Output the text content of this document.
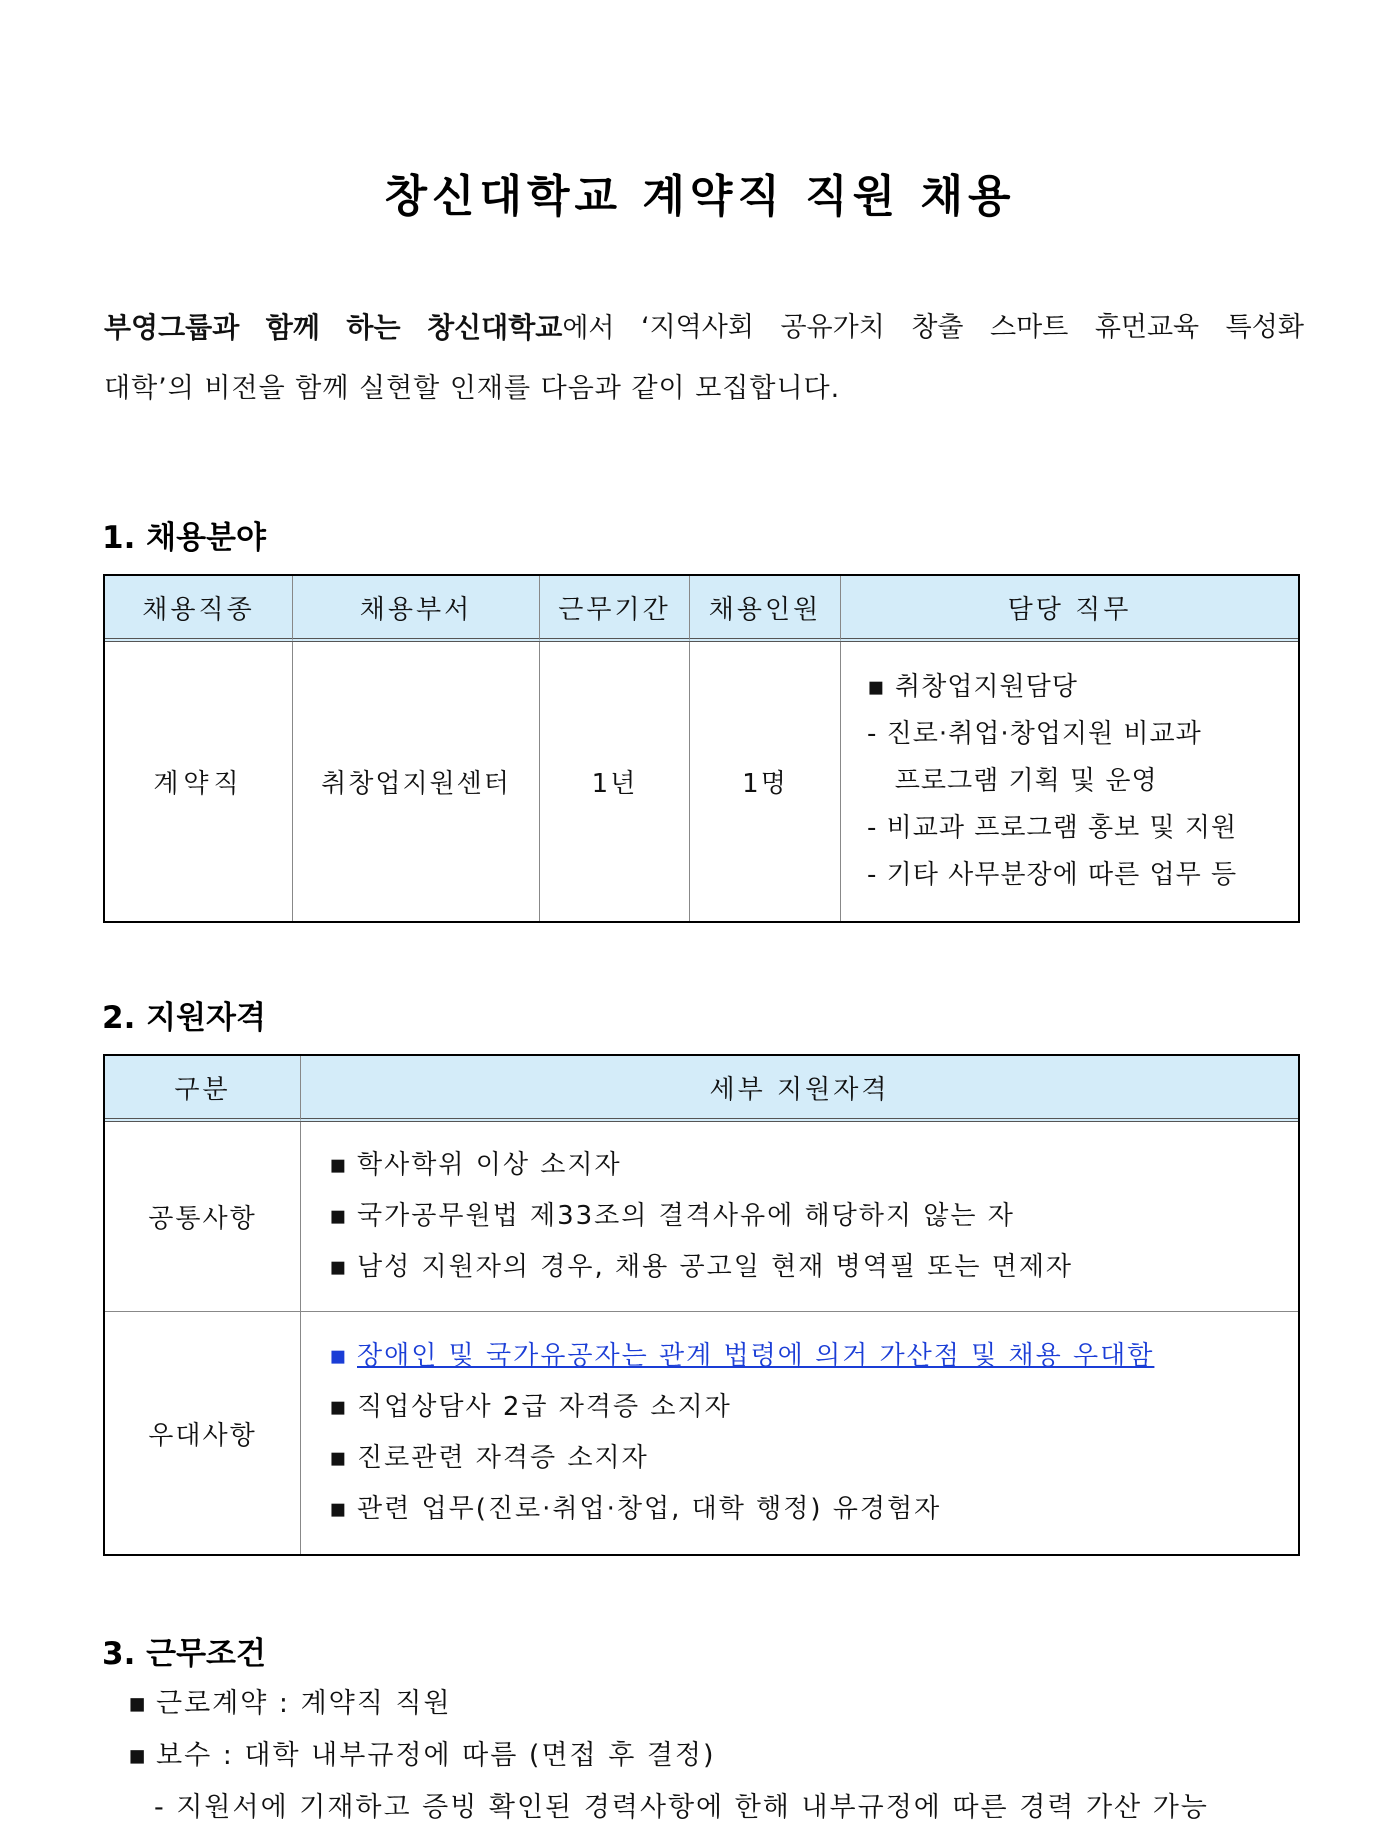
창신대학교 계약직 직원 채용
부영그룹과 함께 하는 창신대학교에서 ‘지역사회 공유가치 창출 스마트 휴먼교육 특성화
대학’의 비전을 함께 실현할 인재를 다음과 같이 모집합니다.
1. 채용분야
채용직종	채용부서	근무기간	채용인원	담당 직무
계약직	취창업지원센터	1년	1명	▪ 취창업지원담당
- 진로·취업·창업지원 비교과
프로그램 기획 및 운영
- 비교과 프로그램 홍보 및 지원
- 기타 사무분장에 따른 업무 등
2. 지원자격
구분	세부 지원자격
공통사항	▪ 학사학위 이상 소지자
▪ 국가공무원법 제33조의 결격사유에 해당하지 않는 자
▪ 남성 지원자의 경우, 채용 공고일 현재 병역필 또는 면제자

우대사항	▪ 장애인 및 국가유공자는 관계 법령에 의거 가산점 및 채용 우대함
▪ 직업상담사 2급 자격증 소지자
▪ 진로관련 자격증 소지자
▪ 관련 업무(진로·취업·창업, 대학 행정) 유경험자
3. 근무조건
▪ 근로계약 : 계약직 직원
▪ 보수 : 대학 내부규정에 따름 (면접 후 결정)
- 지원서에 기재하고 증빙 확인된 경력사항에 한해 내부규정에 따른 경력 가산 가능
